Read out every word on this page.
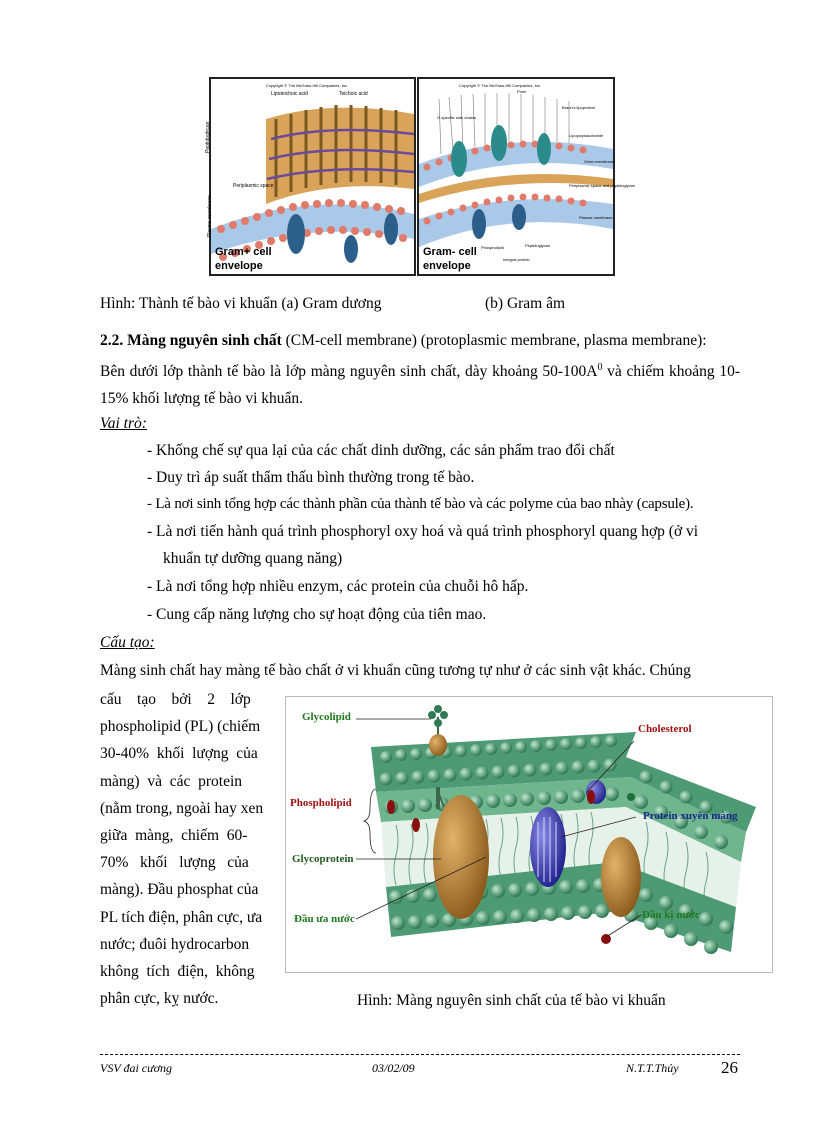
Copyright © The McGraw-Hill Companies, Inc.
Lipoteichoic acid	Teichoic acid
Peptidoglycan
Periplasmic space
Plasma membrane
Gram+ cell
envelope
Copyright © The McGraw-Hill Companies, Inc.
Porin
O-specific side chains
Braun's lipoprotein
Lipopolysaccharide
Outer membrane
Periplasmic space and peptidoglycan
Plasma membrane
Phospholipid	Peptidoglycan
Integral protein
Gram- cell
envelope
Hình: Thành tế bào vi khuẩn (a) Gram dương	(b) Gram âm

2.2. Màng nguyên sinh chất (CM-cell membrane) (protoplasmic membrane, plasma membrane):

Bên dưới lớp thành tế bào là lớp màng nguyên sinh chất, dày khoảng $50-100A^0$ và chiếm khoảng 10-15% khối lượng tế bào vi khuẩn.

Vai trò:

- Khống chế sự qua lại của các chất dinh dưỡng, các sản phẩm trao đổi chất

- Duy trì áp suất thẩm thấu bình thường trong tế bào.

- Là nơi sinh tổng hợp các thành phần của thành tế bào và các polyme của bao nhày (capsule).

- Là nơi tiến hành quá trình phosphoryl oxy hoá và quá trình phosphoryl quang hợp (ở vi

khuẩn tự dưỡng quang năng)

- Là nơi tổng hợp nhiều enzym, các protein của chuỗi hô hấp.

- Cung cấp năng lượng cho sự hoạt động của tiên mao.

Cấu tạo:

Màng sinh chất hay màng tế bào chất ở vi khuẩn cũng tương tự như ở các sinh vật khác. Chúng

cấu    tạo    bởi    2    lớp
phospholipid (PL) (chiếm
30-40%  khối  lượng  của
màng)  và  các  protein
(nằm trong, ngoài hay xen
giữa  màng,  chiếm  60-
70%   khối   lượng   của
màng). Đầu phosphat của
PL tích điện, phân cực, ưa
nước; đuôi hydrocarbon
không  tích  điện,  không
phân cực, kỵ nước.
Glycolipid
Phospholipid
Glycoprotein
Đầu ưa nước
Cholesterol
Protein xuyên màng
Đầu kị nước
Hình: Màng nguyên sinh chất của tế bào vi khuẩn
VSV đai cương	03/02/09	N.T.T.Thủy 26
